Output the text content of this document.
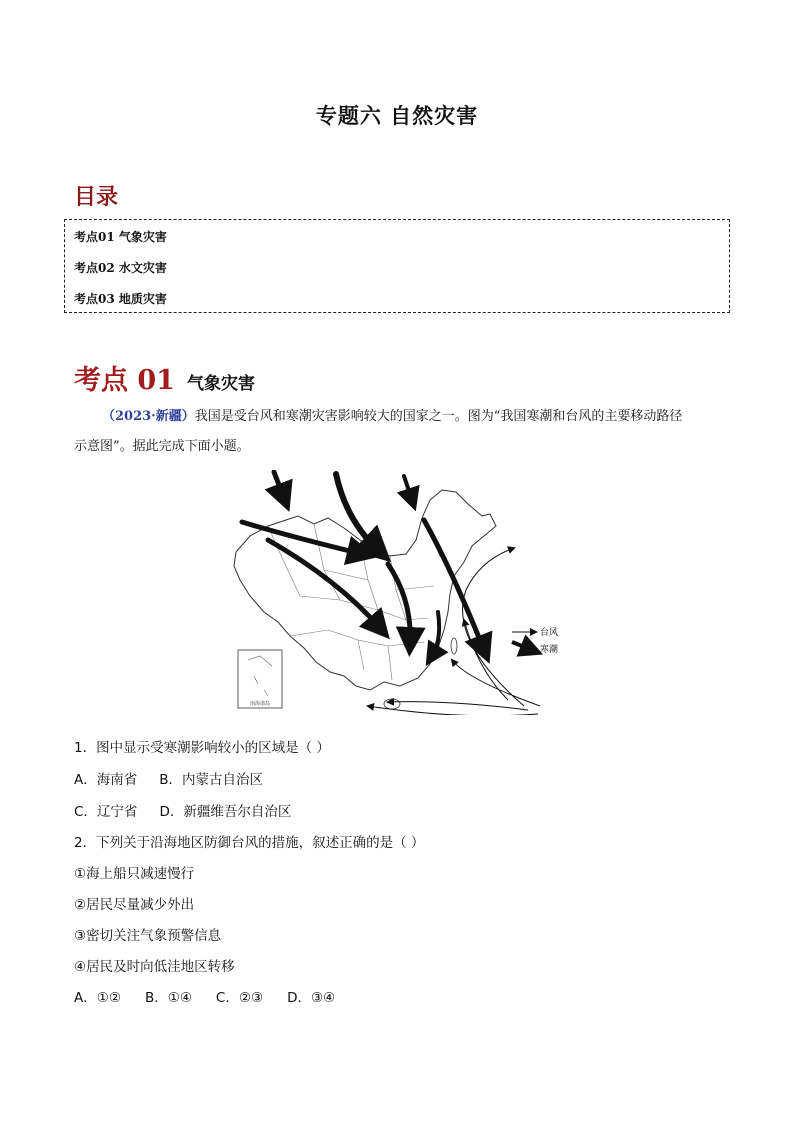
专题六 自然灾害
目录
考点01 气象灾害
考点02 水文灾害
考点03 地质灾害
考点 01 气象灾害
（2023·新疆）我国是受台风和寒潮灾害影响较大的国家之一。图为“我国寒潮和台风的主要移动路径
示意图”。据此完成下面小题。
南海诸岛
台风
寒潮
1．图中显示受寒潮影响较小的区域是（ ）
A．海南省 B．内蒙古自治区
C．辽宁省 D．新疆维吾尔自治区
2．下列关于沿海地区防御台风的措施，叙述正确的是（ ）
①海上船只减速慢行
②居民尽量减少外出
③密切关注气象预警信息
④居民及时向低洼地区转移
A．①② B．①④ C．②③ D．③④
